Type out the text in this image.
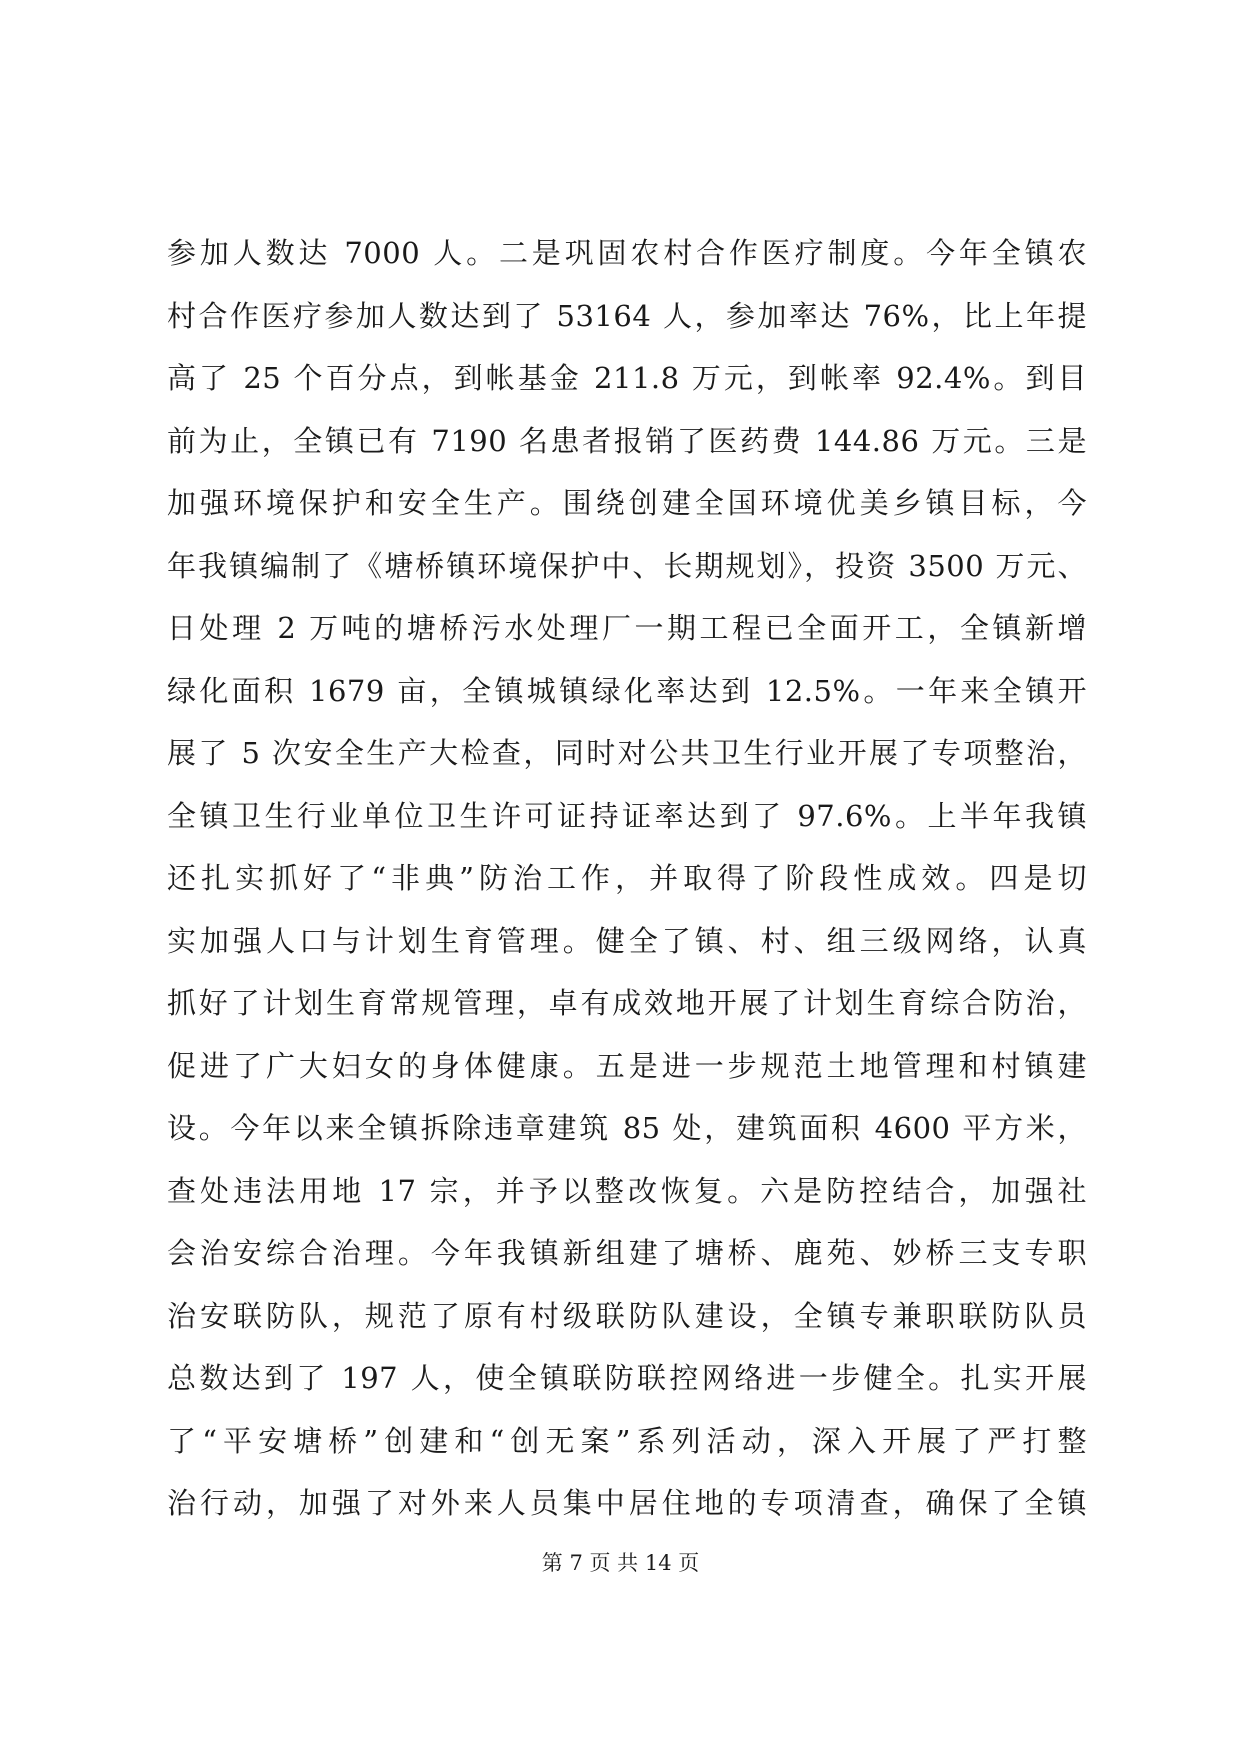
参加人数达 7000 人。二是巩固农村合作医疗制度。今年全镇农
村合作医疗参加人数达到了 53164 人，参加率达 76%，比上年提
高了 25 个百分点，到帐基金 211.8 万元，到帐率 92.4%。到目
前为止，全镇已有 7190 名患者报销了医药费 144.86 万元。三是
加强环境保护和安全生产。围绕创建全国环境优美乡镇目标，今
年我镇编制了《塘桥镇环境保护中、长期规划》，投资 3500 万元、
日处理 2 万吨的塘桥污水处理厂一期工程已全面开工，全镇新增
绿化面积 1679 亩，全镇城镇绿化率达到 12.5%。一年来全镇开
展了 5 次安全生产大检查，同时对公共卫生行业开展了专项整治，
全镇卫生行业单位卫生许可证持证率达到了 97.6%。上半年我镇
还扎实抓好了“非典”防治工作，并取得了阶段性成效。四是切
实加强人口与计划生育管理。健全了镇、村、组三级网络，认真
抓好了计划生育常规管理，卓有成效地开展了计划生育综合防治，
促进了广大妇女的身体健康。五是进一步规范土地管理和村镇建
设。今年以来全镇拆除违章建筑 85 处，建筑面积 4600 平方米，
查处违法用地 17 宗，并予以整改恢复。六是防控结合，加强社
会治安综合治理。今年我镇新组建了塘桥、鹿苑、妙桥三支专职
治安联防队，规范了原有村级联防队建设，全镇专兼职联防队员
总数达到了 197 人，使全镇联防联控网络进一步健全。扎实开展
了“平安塘桥”创建和“创无案”系列活动，深入开展了严打整
治行动，加强了对外来人员集中居住地的专项清查，确保了全镇
第 7 页 共 14 页
